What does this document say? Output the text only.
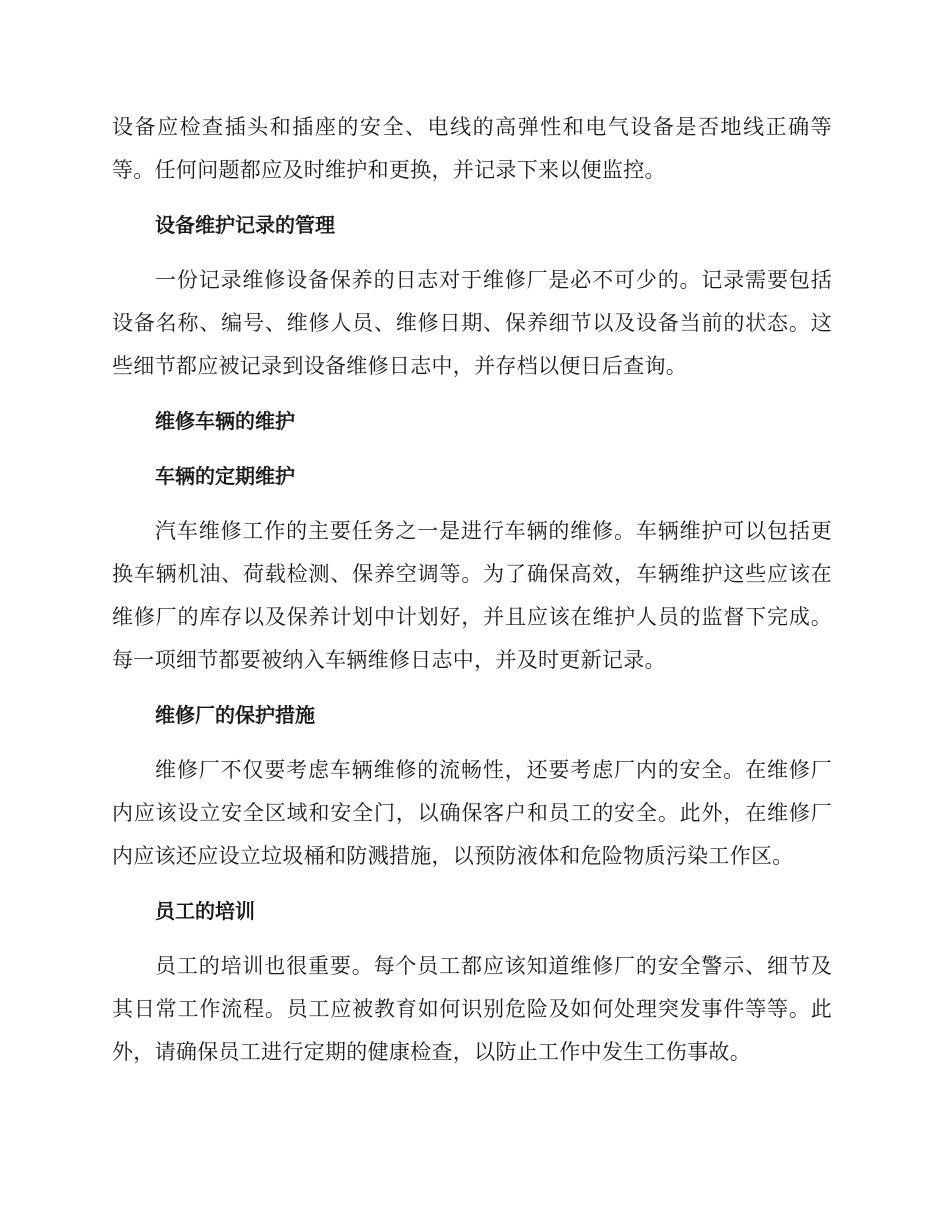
设备应检查插头和插座的安全、电线的高弹性和电气设备是否地线正确等等。任何问题都应及时维护和更换，并记录下来以便监控。

设备维护记录的管理

一份记录维修设备保养的日志对于维修厂是必不可少的。记录需要包括设备名称、编号、维修人员、维修日期、保养细节以及设备当前的状态。这些细节都应被记录到设备维修日志中，并存档以便日后查询。

维修车辆的维护
车辆的定期维护

汽车维修工作的主要任务之一是进行车辆的维修。车辆维护可以包括更换车辆机油、荷载检测、保养空调等。为了确保高效，车辆维护这些应该在维修厂的库存以及保养计划中计划好，并且应该在维护人员的监督下完成。每一项细节都要被纳入车辆维修日志中，并及时更新记录。

维修厂的保护措施

维修厂不仅要考虑车辆维修的流畅性，还要考虑厂内的安全。在维修厂内应该设立安全区域和安全门，以确保客户和员工的安全。此外，在维修厂内应该还应设立垃圾桶和防溅措施，以预防液体和危险物质污染工作区。

员工的培训

员工的培训也很重要。每个员工都应该知道维修厂的安全警示、细节及其日常工作流程。员工应被教育如何识别危险及如何处理突发事件等等。此外，请确保员工进行定期的健康检查，以防止工作中发生工伤事故。
